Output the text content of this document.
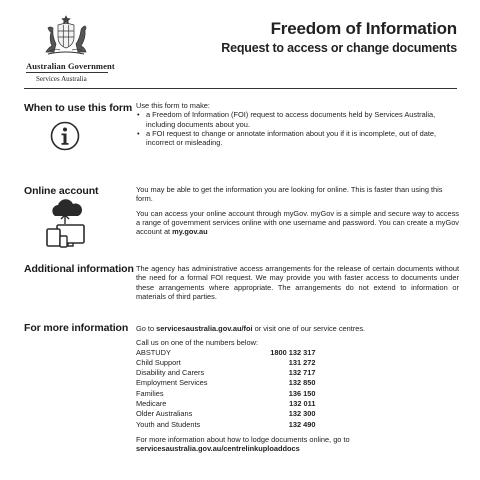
Australian Government
Services Australia
Freedom of Information
Request to access or change documents
When to use this form Use this form to make:

• a Freedom of Information (FOI) request to access documents held by Services Australia, including documents about you.
• a FOI request to change or annotate information about you if it is incomplete, out of date, incorrect or misleading.
Online account	You may be able to get the information you are looking for online. This is faster than using this form.

You can access your online account through myGov. myGov is a simple and secure way to access a range of government services online with one username and password. You can create a myGov account at my.gov.au

Additional information The agency has administrative access arrangements for the release of certain documents without the need for a formal FOI request. We may provide you with faster access to documents under these arrangements where appropriate. The arrangements do not extend to information or materials of third parties.

For more information Go to servicesaustralia.gov.au/foi or visit one of our service centres.

Call us on one of the numbers below:

ABSTUDY	1800 132 317
Child Support	131 272
Disability and Carers	132 717
Employment Services	132 850
Families	136 150
Medicare	132 011
Older Australians	132 300
Youth and Students	132 490

For more information about how to lodge documents online, go to

servicesaustralia.gov.au/centrelinkuploaddocs
